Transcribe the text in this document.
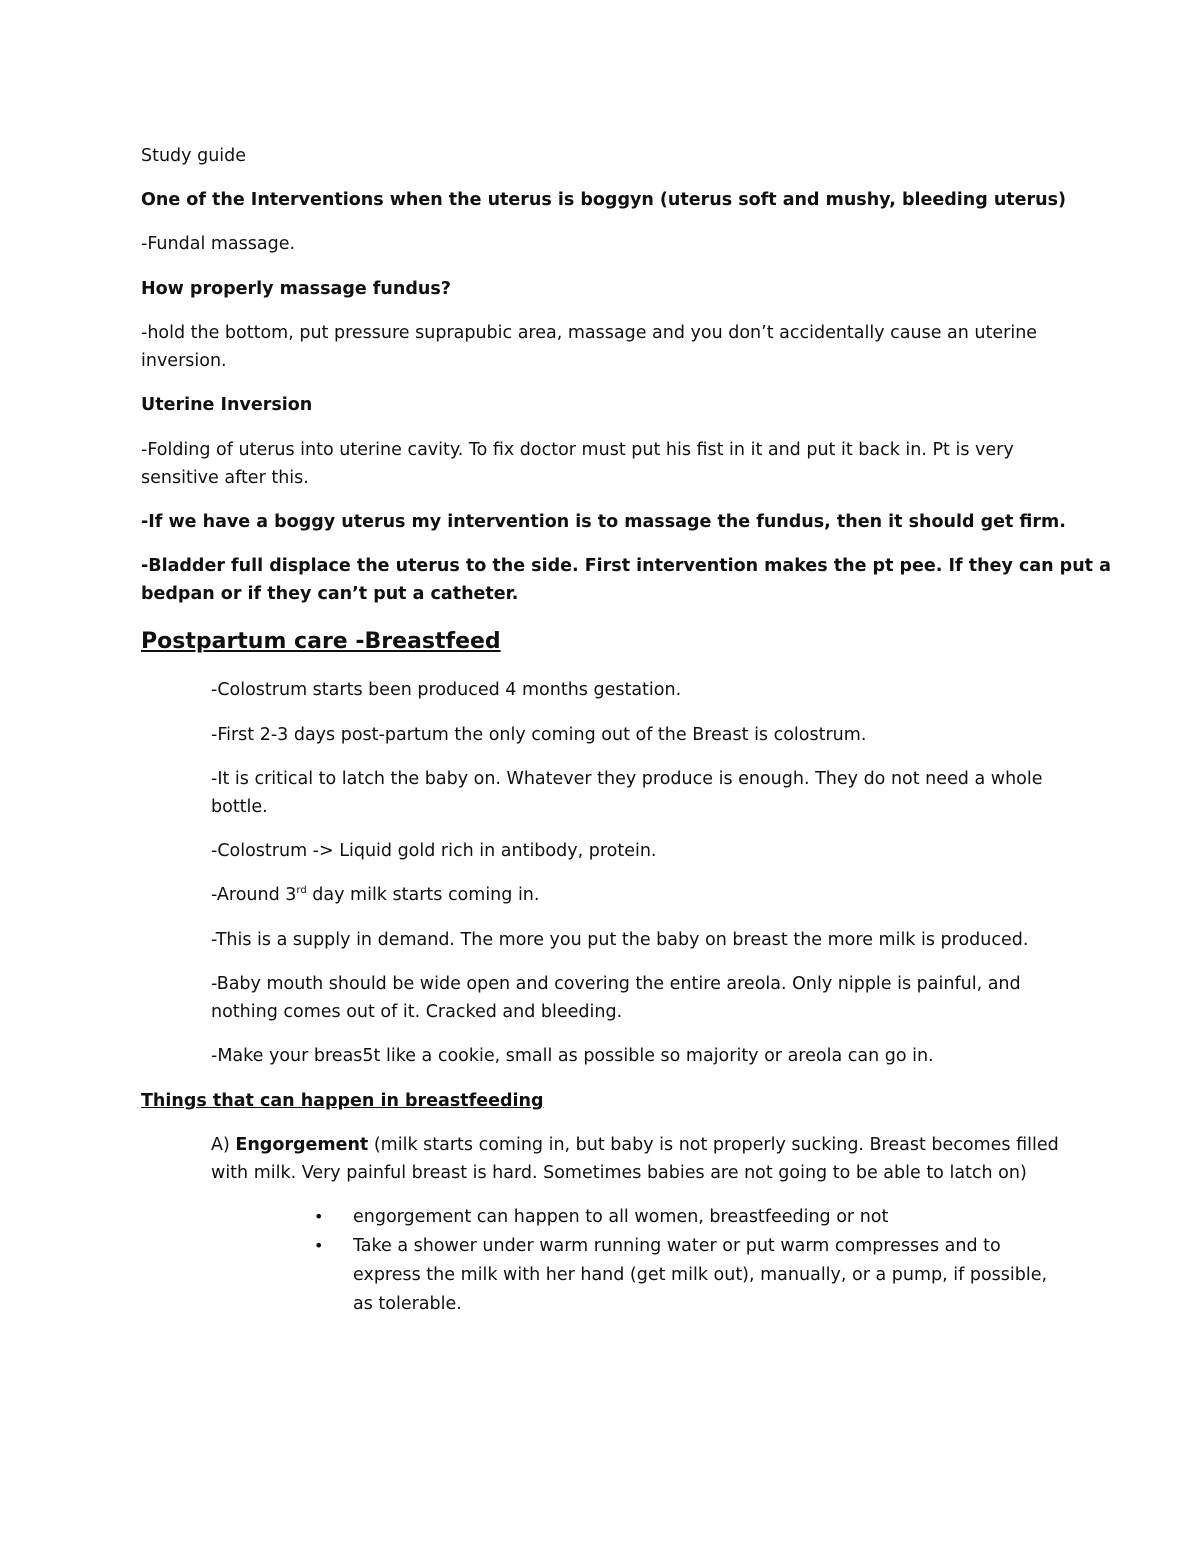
Study guide
One of the Interventions when the uterus is boggyn (uterus soft and mushy, bleeding uterus)
-Fundal massage.
How properly massage fundus?
-hold the bottom, put pressure suprapubic area, massage and you don’t accidentally cause an uterine
inversion.
Uterine Inversion
-Folding of uterus into uterine cavity. To fix doctor must put his fist in it and put it back in. Pt is very
sensitive after this.
-If we have a boggy uterus my intervention is to massage the fundus, then it should get firm.
-Bladder full displace the uterus to the side. First intervention makes the pt pee. If they can put a
bedpan or if they can’t put a catheter.
Postpartum care -Breastfeed
-Colostrum starts been produced 4 months gestation.
-First 2-3 days post-partum the only coming out of the Breast is colostrum.
-It is critical to latch the baby on. Whatever they produce is enough. They do not need a whole
bottle.
-Colostrum -> Liquid gold rich in antibody, protein.
-Around 3rd day milk starts coming in.
-This is a supply in demand. The more you put the baby on breast the more milk is produced.
-Baby mouth should be wide open and covering the entire areola. Only nipple is painful, and
nothing comes out of it. Cracked and bleeding.
-Make your breas5t like a cookie, small as possible so majority or areola can go in.
Things that can happen in breastfeeding
A) Engorgement (milk starts coming in, but baby is not properly sucking. Breast becomes filled
with milk. Very painful breast is hard. Sometimes babies are not going to be able to latch on)
• engorgement can happen to all women, breastfeeding or not
• Take a shower under warm running water or put warm compresses and to
express the milk with her hand (get milk out), manually, or a pump, if possible,
as tolerable.
